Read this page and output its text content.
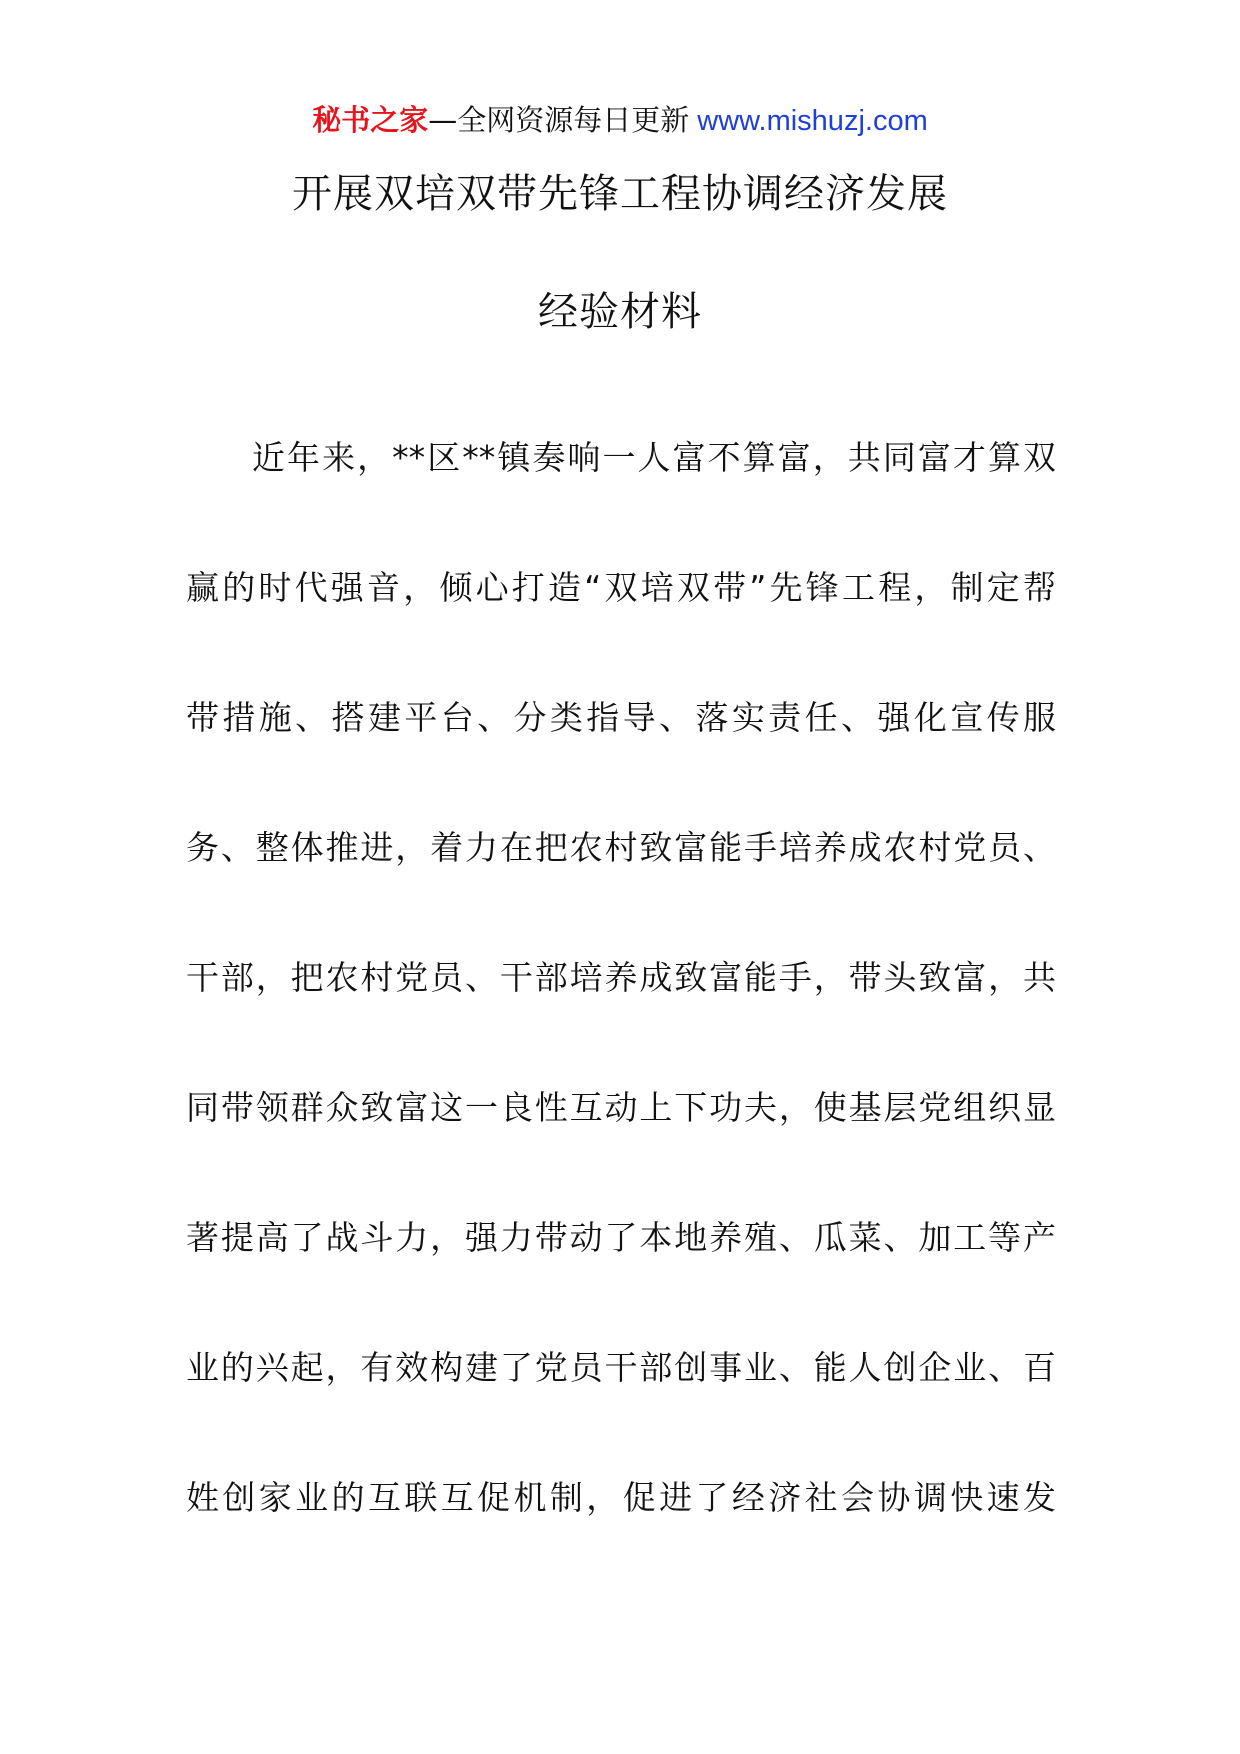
秘书之家—全网资源每日更新 www.mishuzj.com
开展双培双带先锋工程协调经济发展
经验材料
近年来，**区**镇奏响一人富不算富，共同富才算双
赢的时代强音，倾心打造“双培双带”先锋工程，制定帮
带措施、搭建平台、分类指导、落实责任、强化宣传服
务、整体推进，着力在把农村致富能手培养成农村党员、
干部，把农村党员、干部培养成致富能手，带头致富，共
同带领群众致富这一良性互动上下功夫，使基层党组织显
著提高了战斗力，强力带动了本地养殖、瓜菜、加工等产
业的兴起，有效构建了党员干部创事业、能人创企业、百
姓创家业的互联互促机制，促进了经济社会协调快速发
